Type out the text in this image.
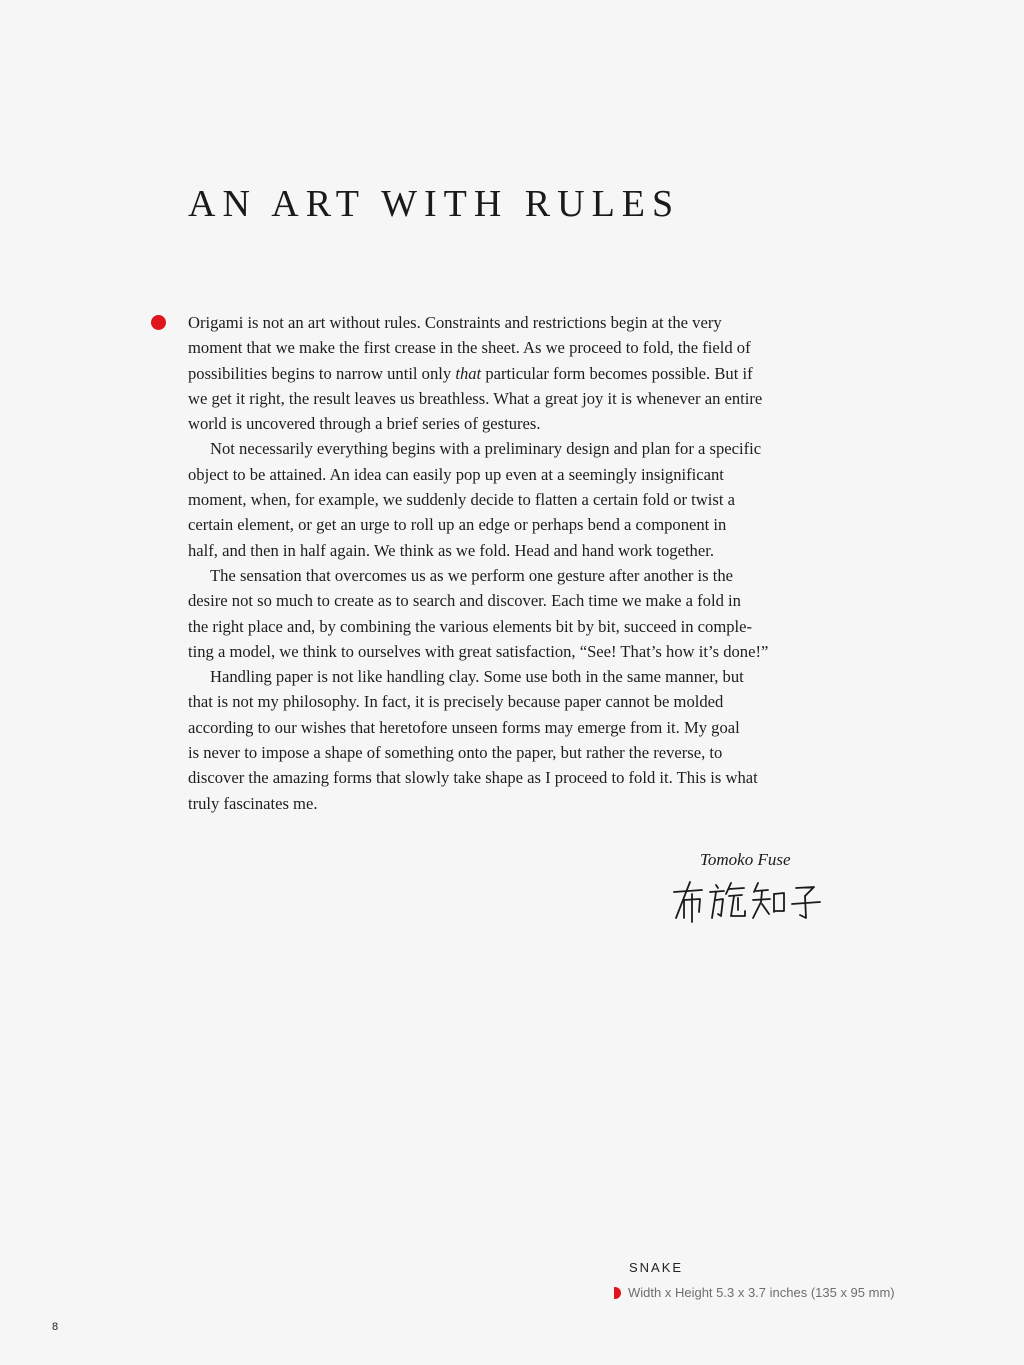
AN ART WITH RULES

Origami is not an art without rules. Constraints and restrictions begin at the very
moment that we make the first crease in the sheet. As we proceed to fold, the field of
possibilities begins to narrow until only that particular form becomes possible. But if
we get it right, the result leaves us breathless. What a great joy it is whenever an entire
world is uncovered through a brief series of gestures.

Not necessarily everything begins with a preliminary design and plan for a specific
object to be attained. An idea can easily pop up even at a seemingly insignificant
moment, when, for example, we suddenly decide to flatten a certain fold or twist a
certain element, or get an urge to roll up an edge or perhaps bend a component in
half, and then in half again. We think as we fold. Head and hand work together.

The sensation that overcomes us as we perform one gesture after another is the
desire not so much to create as to search and discover. Each time we make a fold in
the right place and, by combining the various elements bit by bit, succeed in comple-
ting a model, we think to ourselves with great satisfaction, “See! That’s how it’s done!”

Handling paper is not like handling clay. Some use both in the same manner, but
that is not my philosophy. In fact, it is precisely because paper cannot be molded
according to our wishes that heretofore unseen forms may emerge from it. My goal
is never to impose a shape of something onto the paper, but rather the reverse, to
discover the amazing forms that slowly take shape as I proceed to fold it. This is what
truly fascinates me.

Tomoko Fuse
SNAKE
Width x Height 5.3 x 3.7 inches (135 x 95 mm)
8
